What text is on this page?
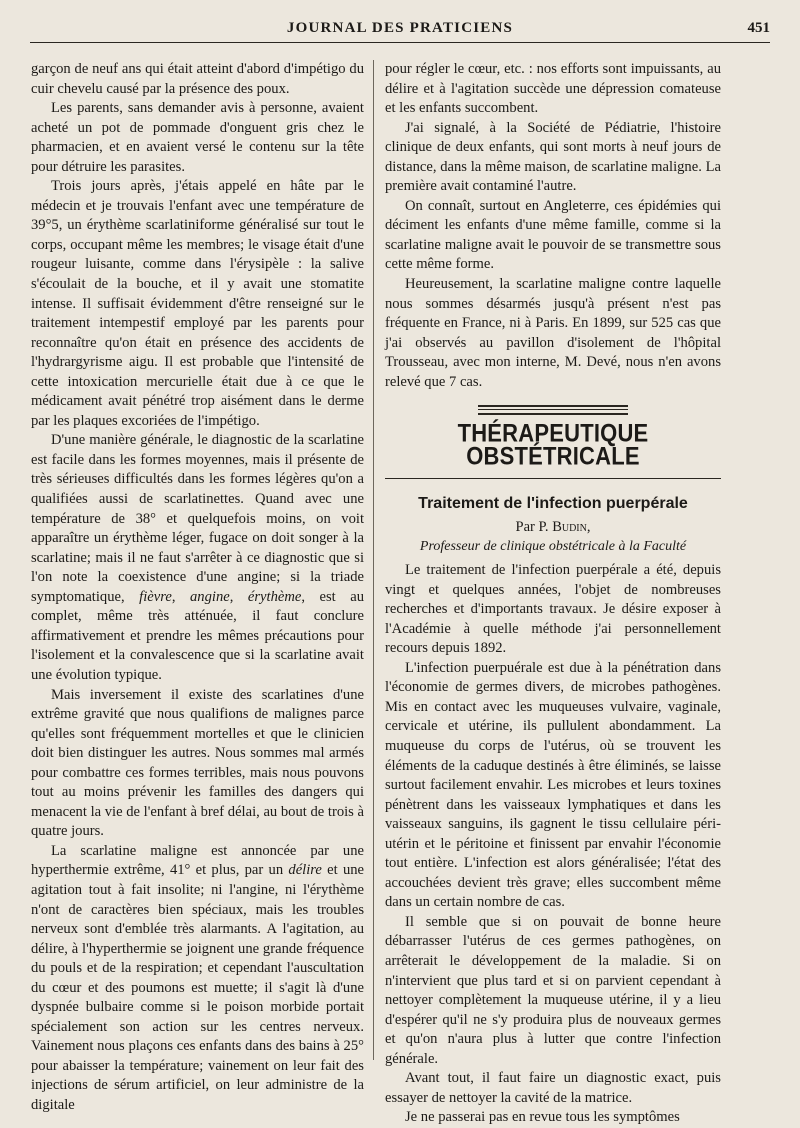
JOURNAL DES PRATICIENS	451

garçon de neuf ans qui était atteint d'abord d'impétigo du cuir chevelu causé par la présence des poux.

Les parents, sans demander avis à personne, avaient acheté un pot de pommade d'onguent gris chez le pharmacien, et en avaient versé le contenu sur la tête pour détruire les parasites.

Trois jours après, j'étais appelé en hâte par le médecin et je trouvais l'enfant avec une température de 39°5, un érythème scarlatiniforme généralisé sur tout le corps, occupant même les membres; le visage était d'une rougeur luisante, comme dans l'érysipèle : la salive s'écoulait de la bouche, et il y avait une stomatite intense. Il suffisait évidemment d'être renseigné sur le traitement intempestif employé par les parents pour reconnaître qu'on était en présence des accidents de l'hydrargyrisme aigu. Il est probable que l'intensité de cette intoxication mercurielle était due à ce que le médicament avait pénétré trop aisément dans le derme par les plaques excoriées de l'impétigo.

D'une manière générale, le diagnostic de la scarlatine est facile dans les formes moyennes, mais il présente de très sérieuses difficultés dans les formes légères qu'on a qualifiées aussi de scarlatinettes. Quand avec une température de 38° et quelquefois moins, on voit apparaître un érythème léger, fugace on doit songer à la scarlatine; mais il ne faut s'arrêter à ce diagnostic que si l'on note la coexistence d'une angine; si la triade symptomatique, fièvre, angine, érythème, est au complet, même très atténuée, il faut conclure affirmativement et prendre les mêmes précautions pour l'isolement et la convalescence que si la scarlatine avait une évolution typique.

Mais inversement il existe des scarlatines d'une extrême gravité que nous qualifions de malignes parce qu'elles sont fréquemment mortelles et que le clinicien doit bien distinguer les autres. Nous sommes mal armés pour combattre ces formes terribles, mais nous pouvons tout au moins prévenir les familles des dangers qui menacent la vie de l'enfant à bref délai, au bout de trois à quatre jours.

La scarlatine maligne est annoncée par une hyperthermie extrême, 41° et plus, par un délire et une agitation tout à fait insolite; ni l'angine, ni l'érythème n'ont de caractères bien spéciaux, mais les troubles nerveux sont d'emblée très alarmants. A l'agitation, au délire, à l'hyperthermie se joignent une grande fréquence du pouls et de la respiration; et cependant l'auscultation du cœur et des poumons est muette; il s'agit là d'une dyspnée bulbaire comme si le poison morbide portait spécialement son action sur les centres nerveux. Vainement nous plaçons ces enfants dans des bains à 25° pour abaisser la température; vainement on leur fait des injections de sérum artificiel, on leur administre de la digitale

pour régler le cœur, etc. : nos efforts sont impuissants, au délire et à l'agitation succède une dépression comateuse et les enfants succombent.

J'ai signalé, à la Société de Pédiatrie, l'histoire clinique de deux enfants, qui sont morts à neuf jours de distance, dans la même maison, de scarlatine maligne. La première avait contaminé l'autre.

On connaît, surtout en Angleterre, ces épidémies qui déciment les enfants d'une même famille, comme si la scarlatine maligne avait le pouvoir de se transmettre sous cette même forme.

Heureusement, la scarlatine maligne contre laquelle nous sommes désarmés jusqu'à présent n'est pas fréquente en France, ni à Paris. En 1899, sur 525 cas que j'ai observés au pavillon d'isolement de l'hôpital Trousseau, avec mon interne, M. Devé, nous n'en avons relevé que 7 cas.

THÉRAPEUTIQUE OBSTÉTRICALE
Traitement de l'infection puerpérale
Par P. Budin,
Professeur de clinique obstétricale à la Faculté

Le traitement de l'infection puerpérale a été, depuis vingt et quelques années, l'objet de nombreuses recherches et d'importants travaux. Je désire exposer à l'Académie à quelle méthode j'ai personnellement recours depuis 1892.

L'infection puerpuérale est due à la pénétration dans l'économie de germes divers, de microbes pathogènes. Mis en contact avec les muqueuses vulvaire, vaginale, cervicale et utérine, ils pullulent abondamment. La muqueuse du corps de l'utérus, où se trouvent les éléments de la caduque destinés à être éliminés, se laisse surtout facilement envahir. Les microbes et leurs toxines pénètrent dans les vaisseaux lymphatiques et dans les vaisseaux sanguins, ils gagnent le tissu cellulaire péri-utérin et le péritoine et finissent par envahir l'économie tout entière. L'infection est alors généralisée; l'état des accouchées devient très grave; elles succombent même dans un certain nombre de cas.

Il semble que si on pouvait de bonne heure débarrasser l'utérus de ces germes pathogènes, on arrêterait le développement de la maladie. Si on n'intervient que plus tard et si on parvient cependant à nettoyer complètement la muqueuse utérine, il y a lieu d'espérer qu'il ne s'y produira plus de nouveaux germes et qu'on n'aura plus à lutter que contre l'infection générale.

Avant tout, il faut faire un diagnostic exact, puis essayer de nettoyer la cavité de la matrice.

Je ne passerai pas en revue tous les symptômes
